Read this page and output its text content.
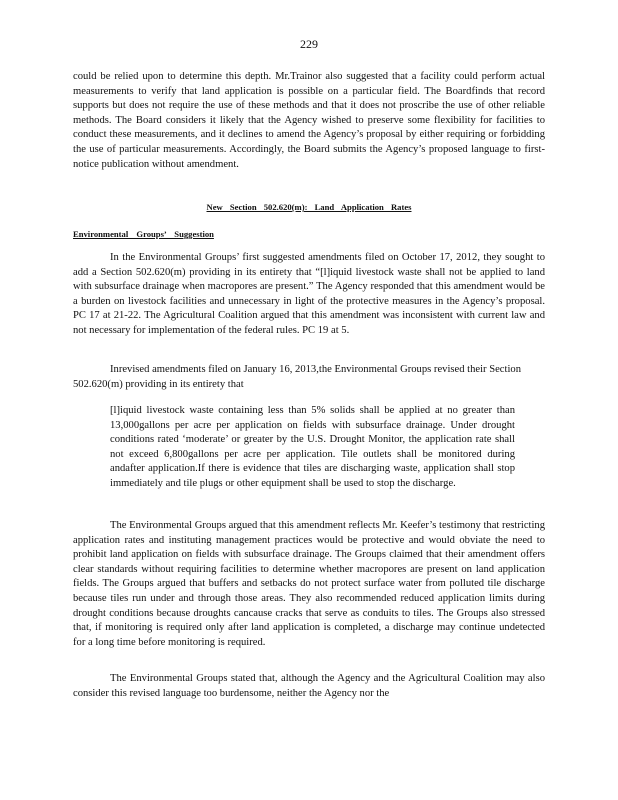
229

could be relied upon to determine this depth. Mr.Trainor also suggested that a facility could perform actual measurements to verify that land application is possible on a particular field. The Boardfinds that record supports but does not require the use of these methods and that it does not proscribe the use of other reliable methods. The Board considers it likely that the Agency wished to preserve some flexibility for facilities to conduct these measurements, and it declines to amend the Agency’s proposal by either requiring or forbidding the use of particular measurements. Accordingly, the Board submits the Agency’s proposed language to first-notice publication without amendment.

New Section 502.620(m): Land Application Rates
Environmental Groups’ Suggestion

In the Environmental Groups’ first suggested amendments filed on October 17, 2012, they sought to add a Section 502.620(m) providing in its entirety that “[l]iquid livestock waste shall not be applied to land with subsurface drainage when macropores are present.” The Agency responded that this amendment would be a burden on livestock facilities and unnecessary in light of the protective measures in the Agency’s proposal. PC 17 at 21-22. The Agricultural Coalition argued that this amendment was inconsistent with current law and not necessary for implementation of the federal rules. PC 19 at 5.

Inrevised amendments filed on January 16, 2013,the Environmental Groups revised their Section 502.620(m) providing in its entirety that

[l]iquid livestock waste containing less than 5% solids shall be applied at no greater than 13,000gallons per acre per application on fields with subsurface drainage. Under drought conditions rated ‘moderate’ or greater by the U.S. Drought Monitor, the application rate shall not exceed 6,800gallons per acre per application. Tile outlets shall be monitored during andafter application.If there is evidence that tiles are discharging waste, application shall stop immediately and tile plugs or other equipment shall be used to stop the discharge.

The Environmental Groups argued that this amendment reflects Mr. Keefer’s testimony that restricting application rates and instituting management practices would be protective and would obviate the need to prohibit land application on fields with subsurface drainage. The Groups claimed that their amendment offers clear standards without requiring facilities to determine whether macropores are present on land application fields. The Groups argued that buffers and setbacks do not protect surface water from polluted tile discharge because tiles run under and through those areas. They also recommended reduced application limits during drought conditions because droughts cancause cracks that serve as conduits to tiles. The Groups also stressed that, if monitoring is required only after land application is completed, a discharge may continue undetected for a long time before monitoring is required.

The Environmental Groups stated that, although the Agency and the Agricultural Coalition may also consider this revised language too burdensome, neither the Agency nor the
